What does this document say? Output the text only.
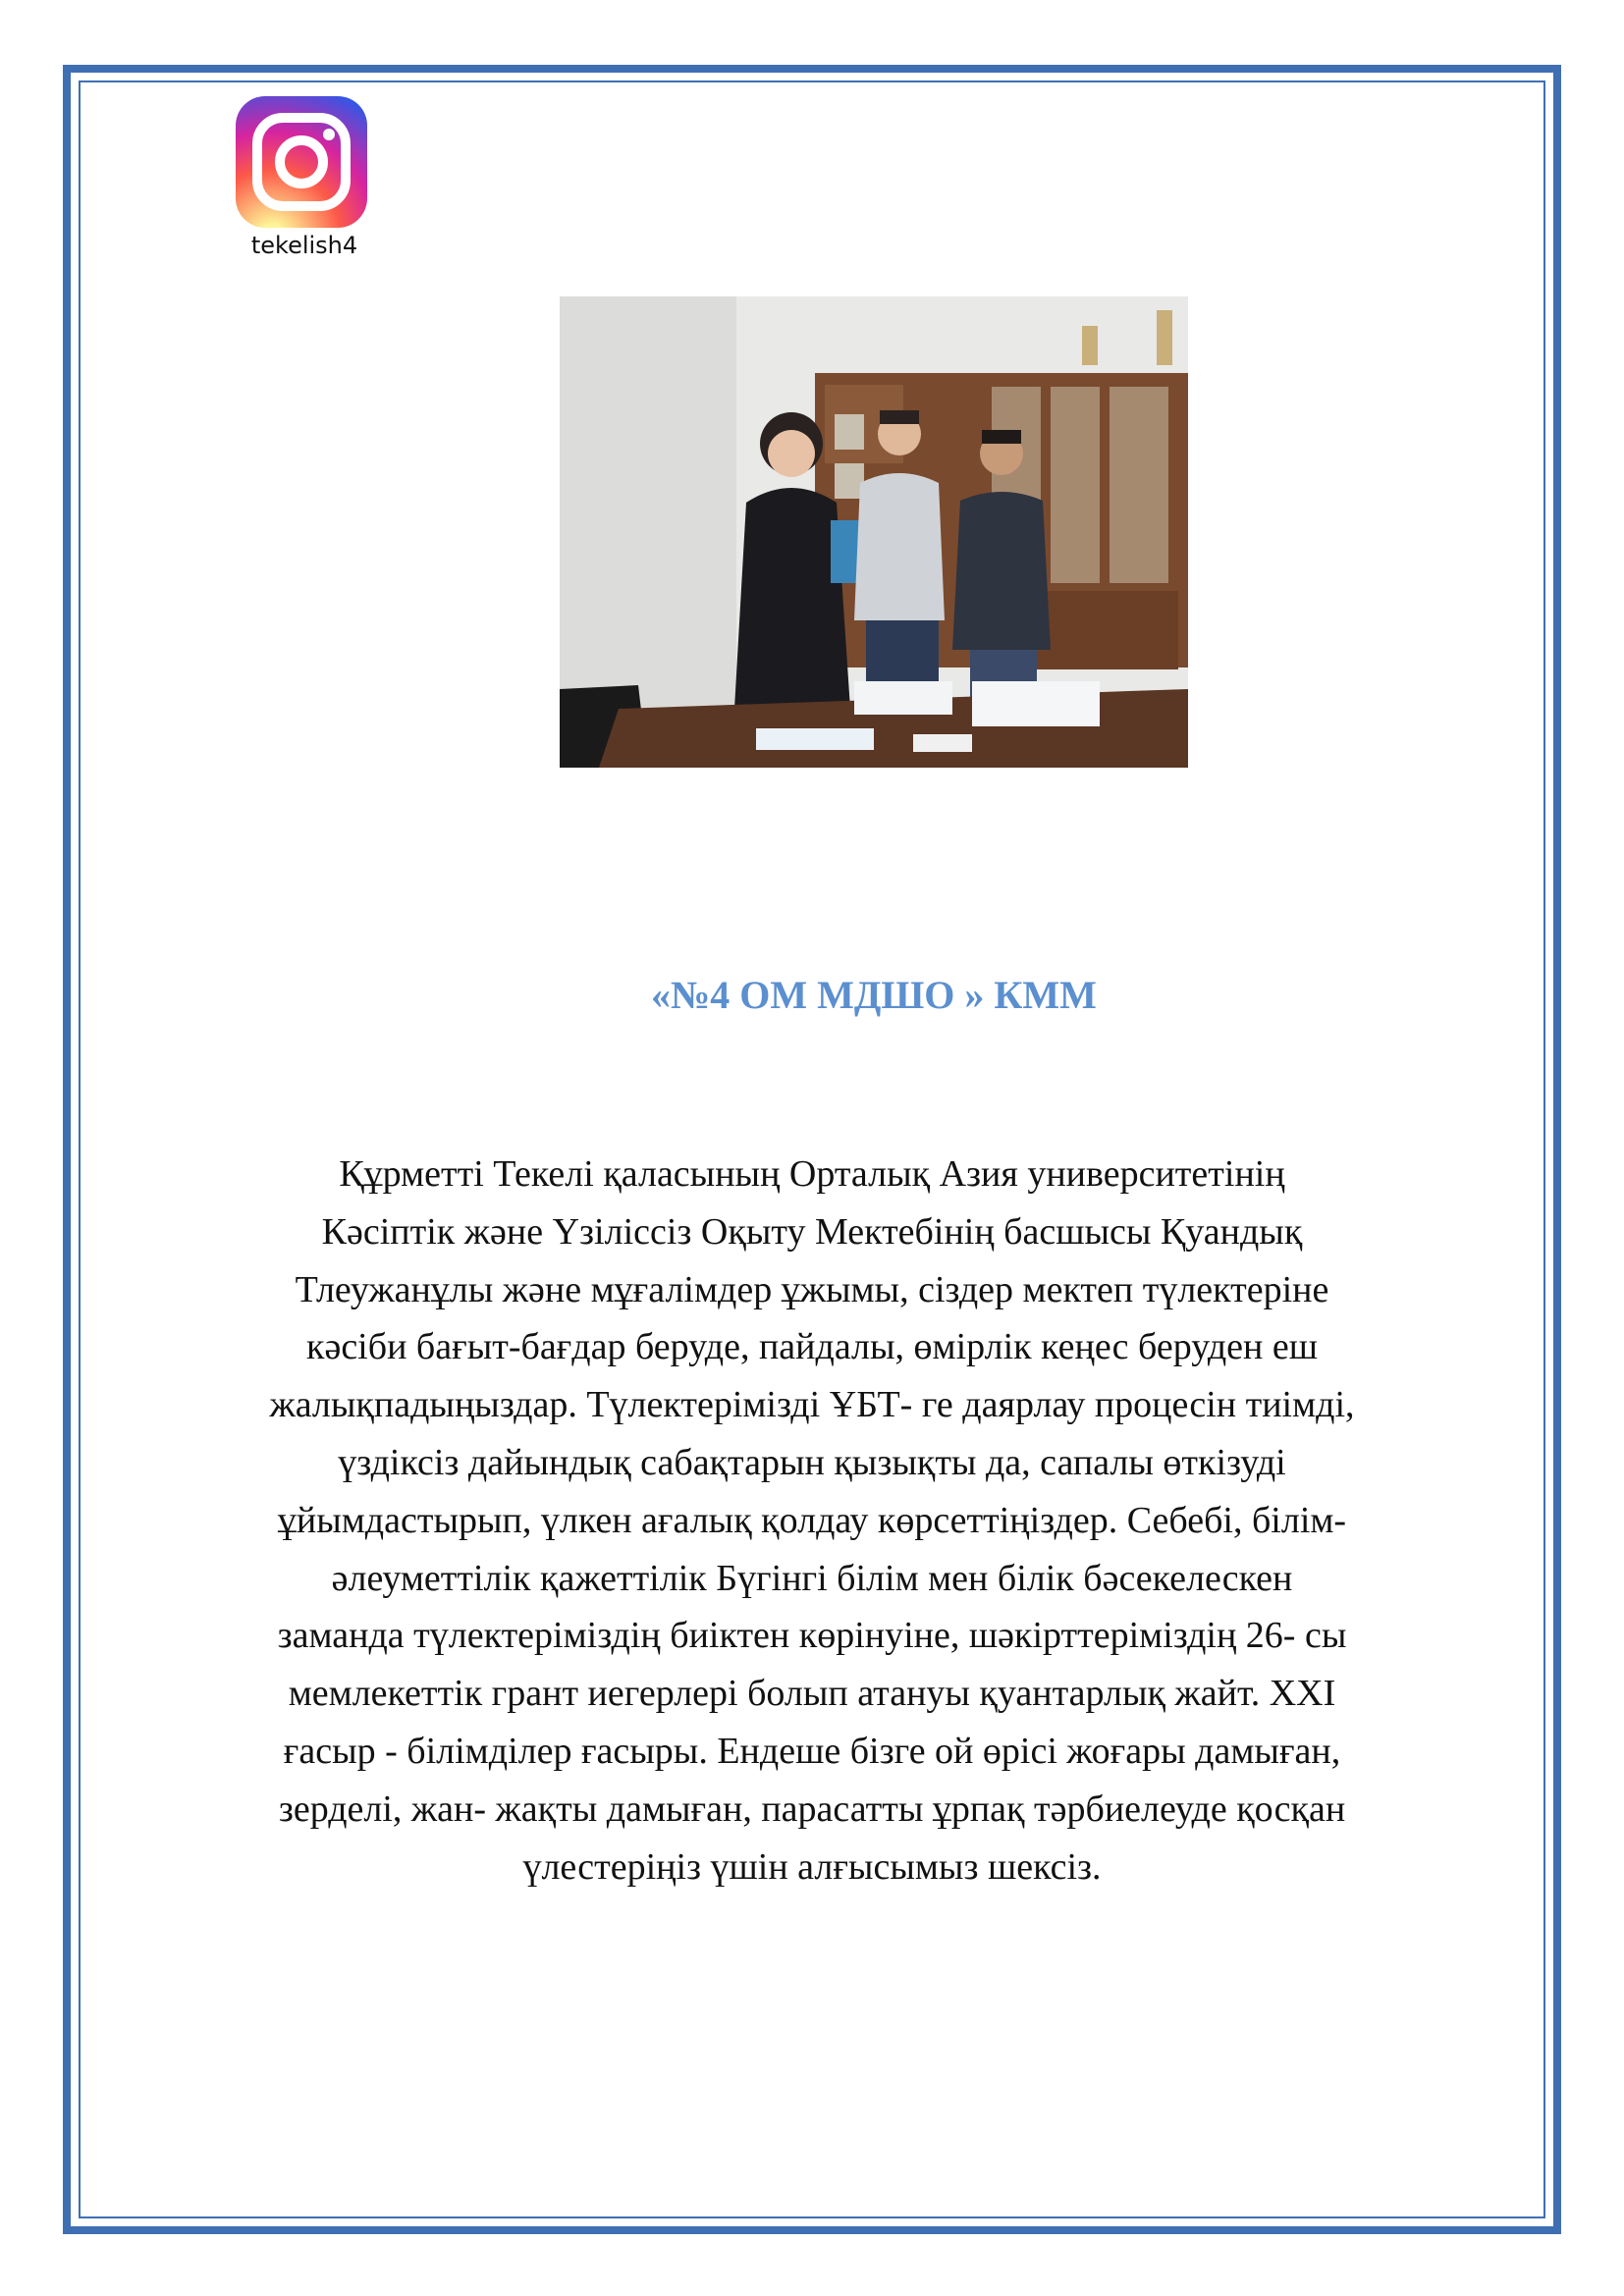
tekelish4
«№4 ОМ МДШО » КММ
Құрметті Текелі қаласының Орталық Азия университетінің
Кәсіптік және Үзіліссіз Оқыту Мектебінің басшысы Қуандық
Тлеужанұлы және мұғалімдер ұжымы, сіздер мектеп түлектеріне
кәсіби бағыт-бағдар беруде, пайдалы, өмірлік кеңес беруден еш
жалықпадыңыздар. Түлектерімізді ҰБТ- ге даярлау процесін тиімді,
үздіксіз дайындық сабақтарын қызықты да, сапалы өткізуді
ұйымдастырып, үлкен ағалық қолдау көрсеттіңіздер. Себебі, білім-
әлеуметтілік қажеттілік Бүгінгі білім мен білік бәсекелескен
заманда түлектеріміздің биіктен көрінуіне, шәкірттеріміздің 26- сы
мемлекеттік грант иегерлері болып атануы қуантарлық жайт. XXI
ғасыр - білімділер ғасыры. Ендеше бізге ой өрісі жоғары дамыған,
зерделі, жан- жақты дамыған, парасатты ұрпақ тәрбиелеуде қосқан
үлестеріңіз үшін алғысымыз шексіз.
